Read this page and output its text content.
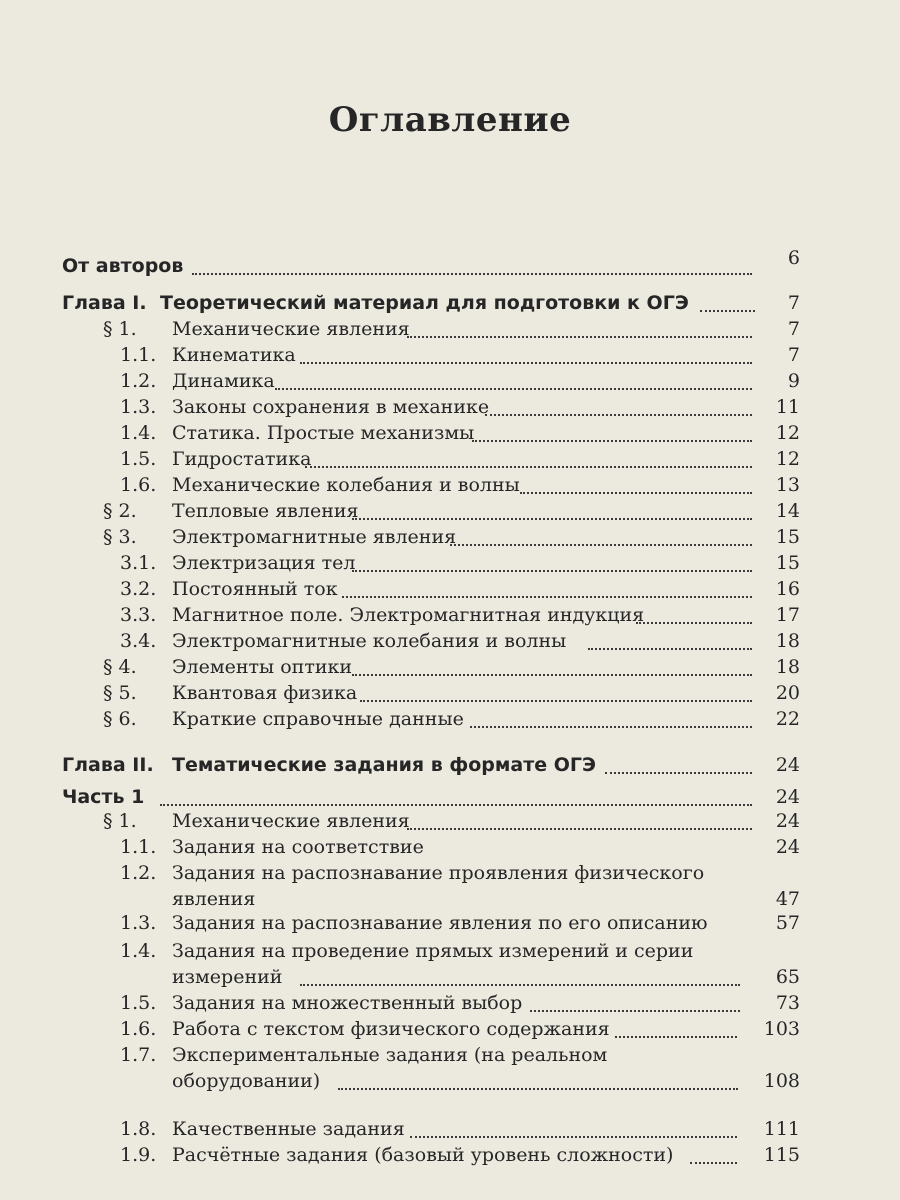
Оглавление
От авторов	6
Глава I. Теоретический материал для подготовки к ОГЭ	7
§ 1. Механические явления	7
1.1. Кинематика	7
1.2. Динамика	9
1.3. Законы сохранения в механике	11
1.4. Статика. Простые механизмы	12
1.5. Гидростатика	12
1.6. Механические колебания и волны	13
§ 2. Тепловые явления	14
§ 3. Электромагнитные явления	15
3.1. Электризация тел	15
3.2. Постоянный ток	16
3.3. Магнитное поле. Электромагнитная индукция	17
3.4. Электромагнитные колебания и волны	18
§ 4. Элементы оптики	18
§ 5. Квантовая физика	20
§ 6. Краткие справочные данные	22
Глава II. Тематические задания в формате ОГЭ	24
Часть 1	24
§ 1. Механические явления	24
1.1. Задания на соответствие	24
1.2. Задания на распознавание проявления физического
явления	47
1.3. Задания на распознавание явления по его описанию	57
1.4. Задания на проведение прямых измерений и серии
измерений	65
1.5. Задания на множественный выбор	73
1.6. Работа с текстом физического содержания	103
1.7. Экспериментальные задания (на реальном
оборудовании)	108
1.8. Качественные задания	111
1.9. Расчётные задания (базовый уровень сложности)	115
